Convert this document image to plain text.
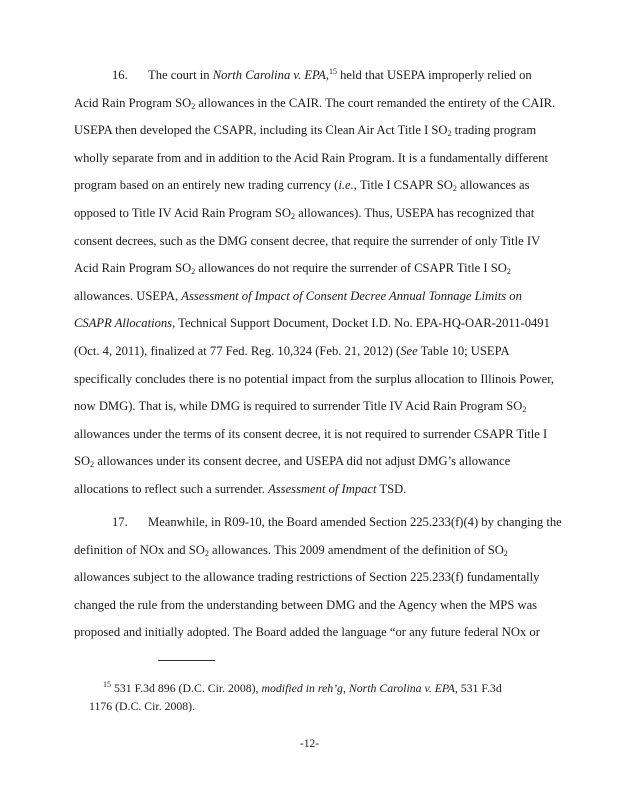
16. The court in North Carolina v. EPA,$^{15}$ held that USEPA improperly relied on
Acid Rain Program $SO_2$ allowances in the CAIR. The court remanded the entirety of the CAIR.
USEPA then developed the CSAPR, including its Clean Air Act Title I $SO_2$ trading program
wholly separate from and in addition to the Acid Rain Program. It is a fundamentally different
program based on an entirely new trading currency (i.e., Title I CSAPR $SO_2$ allowances as
opposed to Title IV Acid Rain Program $SO_2$ allowances). Thus, USEPA has recognized that
consent decrees, such as the DMG consent decree, that require the surrender of only Title IV
Acid Rain Program $SO_2$ allowances do not require the surrender of CSAPR Title I $SO_2$
allowances. USEPA, Assessment of Impact of Consent Decree Annual Tonnage Limits on
CSAPR Allocations, Technical Support Document, Docket I.D. No. EPA-HQ-OAR-2011-0491
(Oct. 4, 2011), finalized at 77 Fed. Reg. 10,324 (Feb. 21, 2012) (See Table 10; USEPA
specifically concludes there is no potential impact from the surplus allocation to Illinois Power,
now DMG). That is, while DMG is required to surrender Title IV Acid Rain Program $SO_2$
allowances under the terms of its consent decree, it is not required to surrender CSAPR Title I
$SO_2$ allowances under its consent decree, and USEPA did not adjust DMG’s allowance
allocations to reflect such a surrender. Assessment of Impact TSD.
17. Meanwhile, in R09-10, the Board amended Section 225.233(f)(4) by changing the
definition of NOx and $SO_2$ allowances. This 2009 amendment of the definition of $SO_2$
allowances subject to the allowance trading restrictions of Section 225.233(f) fundamentally
changed the rule from the understanding between DMG and the Agency when the MPS was
proposed and initially adopted. The Board added the language “or any future federal NOx or
$^{15}$ 531 F.3d 896 (D.C. Cir. 2008), modified in reh’g, North Carolina v. EPA, 531 F.3d
1176 (D.C. Cir. 2008).
-12-
